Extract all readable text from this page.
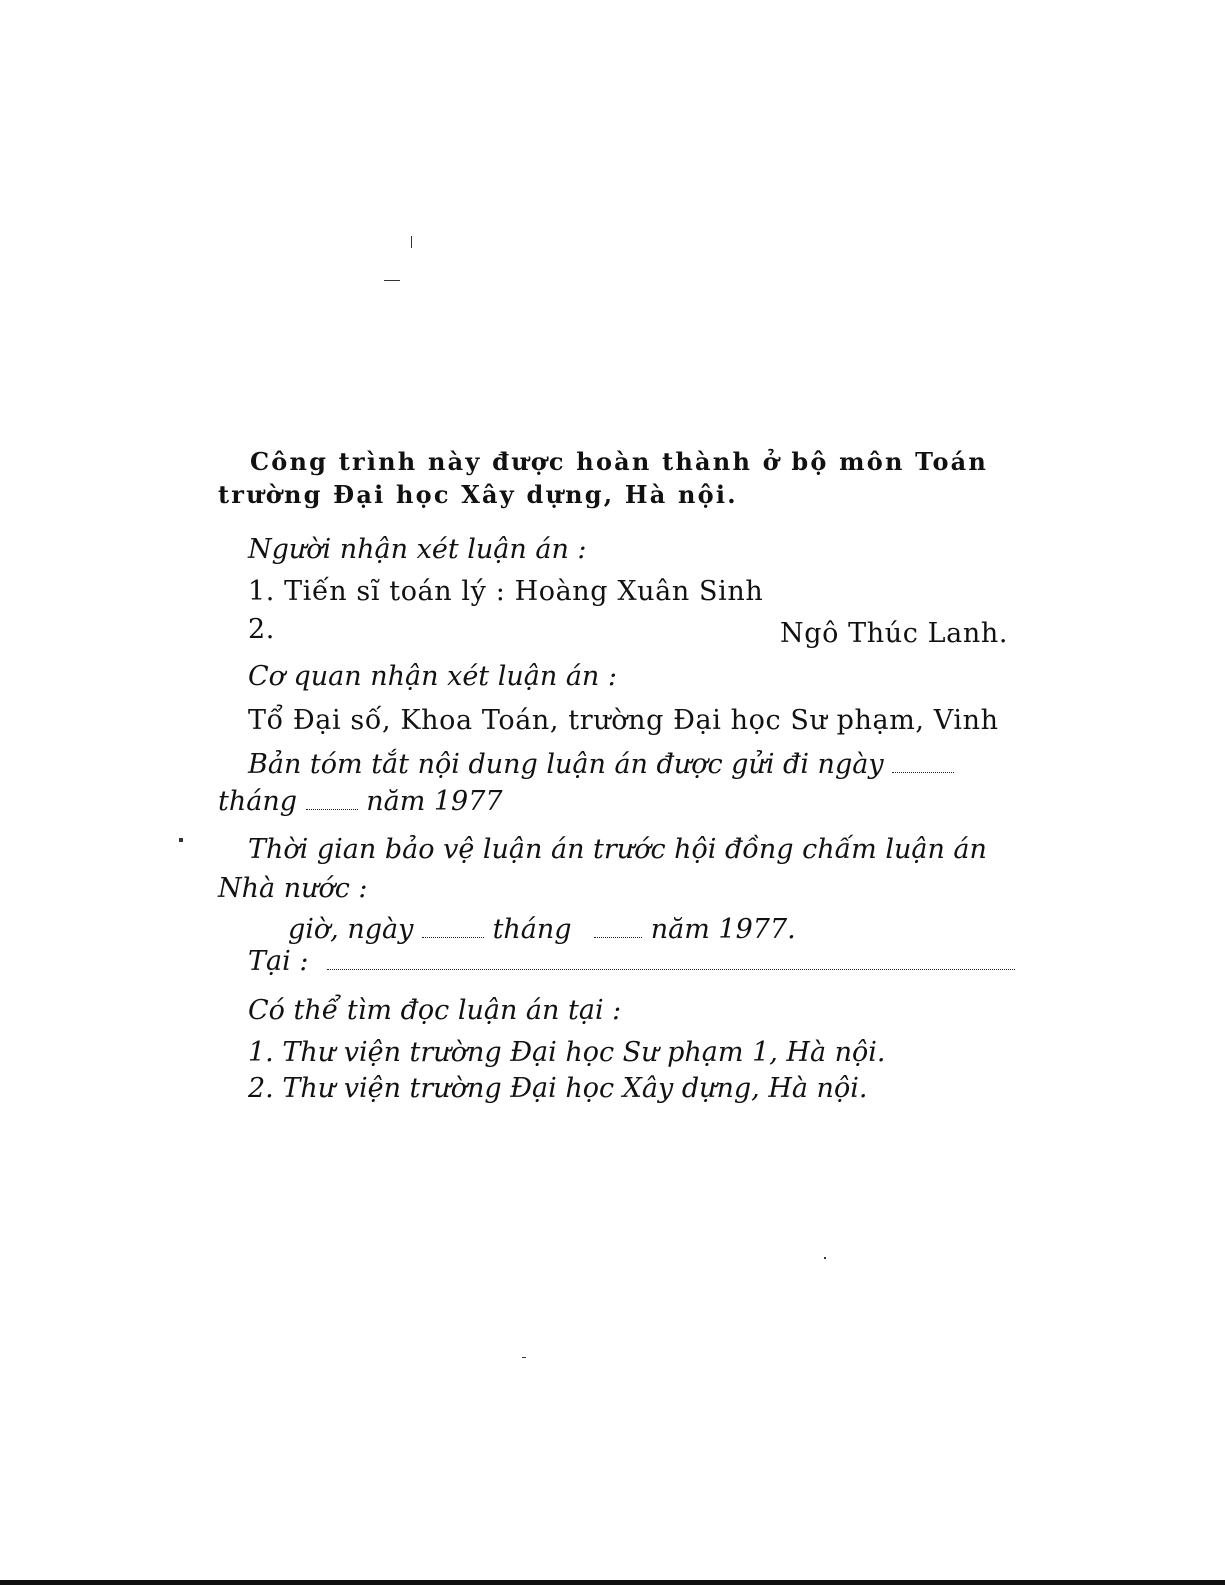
Công trình này được hoàn thành ở bộ môn Toán
trường Đại học Xây dựng, Hà nội.
Người nhận xét luận án :
1. Tiến sĩ toán lý : Hoàng Xuân Sinh
2.	Ngô Thúc Lanh.
Cơ quan nhận xét luận án :
Tổ Đại số, Khoa Toán, trường Đại học Sư phạm, Vinh
Bản tóm tắt nội dung luận án được gửi đi ngày
tháng	năm 1977
Thời gian bảo vệ luận án trước hội đồng chấm luận án
Nhà nước :
giờ, ngày	tháng	năm 1977.
Tại :
Có thể tìm đọc luận án tại :
1. Thư viện trường Đại học Sư phạm 1, Hà nội.
2. Thư viện trường Đại học Xây dựng, Hà nội.
